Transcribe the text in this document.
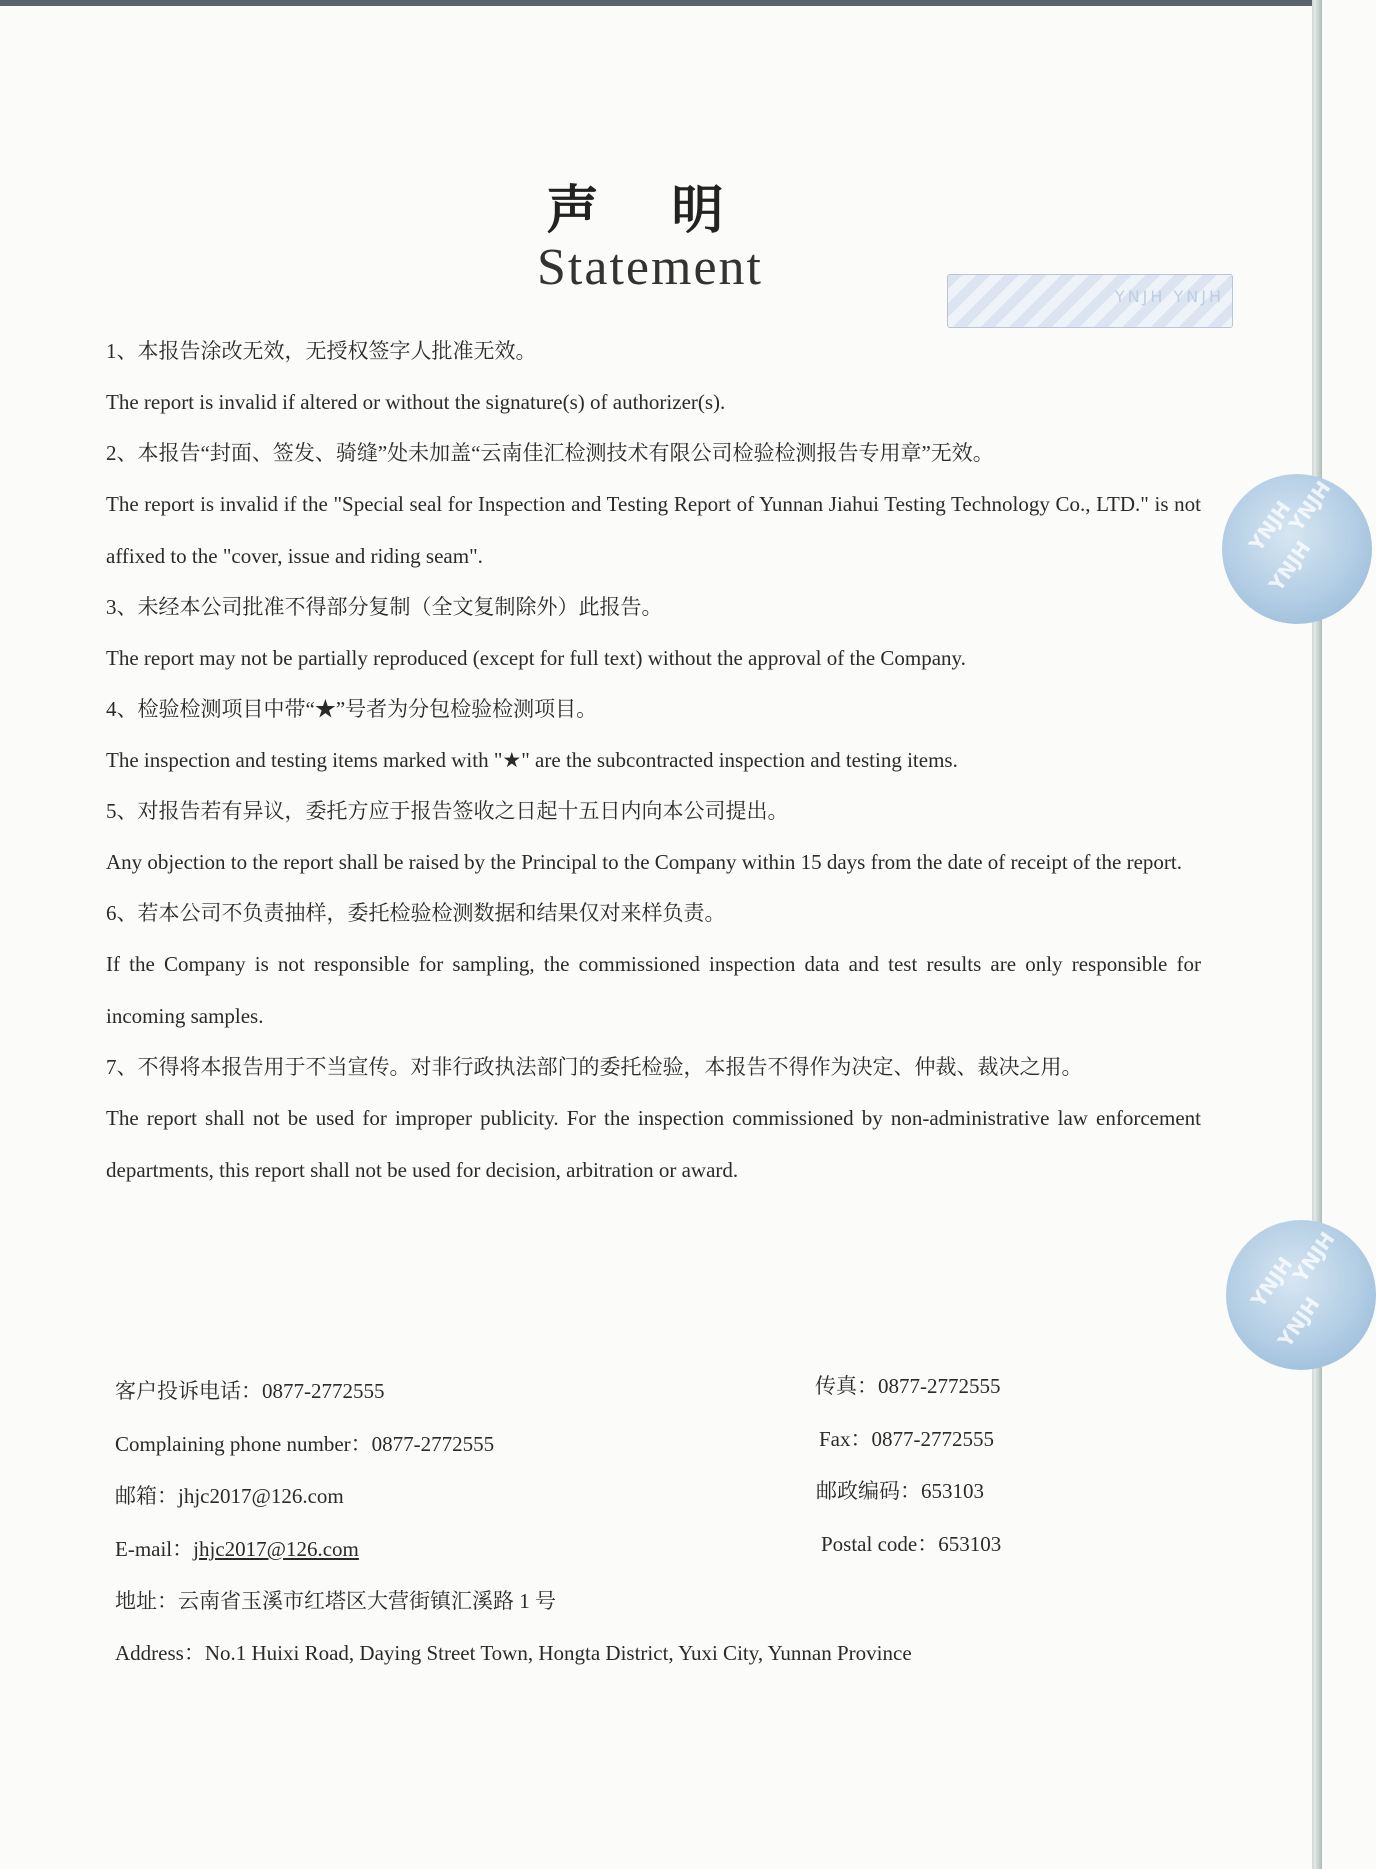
声 明
Statement
YNJH YNJH
YNJH
YNJH
YNJH
YNJH
YNJH
YNJH
1、本报告涂改无效，无授权签字人批准无效。
The report is invalid if altered or without the signature(s) of authorizer(s).
2、本报告“封面、签发、骑缝”处未加盖“云南佳汇检测技术有限公司检验检测报告专用章”无效。
The report is invalid if the "Special seal for Inspection and Testing Report of Yunnan Jiahui Testing Technology Co., LTD." is not affixed to the "cover, issue and riding seam".
3、未经本公司批准不得部分复制（全文复制除外）此报告。
The report may not be partially reproduced (except for full text) without the approval of the Company.
4、检验检测项目中带“★”号者为分包检验检测项目。
The inspection and testing items marked with "★" are the subcontracted inspection and testing items.
5、对报告若有异议，委托方应于报告签收之日起十五日内向本公司提出。
Any objection to the report shall be raised by the Principal to the Company within 15 days from the date of receipt of the report.
6、若本公司不负责抽样，委托检验检测数据和结果仅对来样负责。
If the Company is not responsible for sampling, the commissioned inspection data and test results are only responsible for incoming samples.
7、不得将本报告用于不当宣传。对非行政执法部门的委托检验，本报告不得作为决定、仲裁、裁决之用。
The report shall not be used for improper publicity. For the inspection commissioned by non-administrative law enforcement departments, this report shall not be used for decision, arbitration or award.
客户投诉电话：0877-2772555
Complaining phone number：0877-2772555
邮箱：jhjc2017@126.com
E-mail：jhjc2017@126.com
地址：云南省玉溪市红塔区大营街镇汇溪路 1 号
Address：No.1 Huixi Road, Daying Street Town, Hongta District, Yuxi City, Yunnan Province
传真：0877-2772555
Fax：0877-2772555
邮政编码：653103
Postal code：653103
